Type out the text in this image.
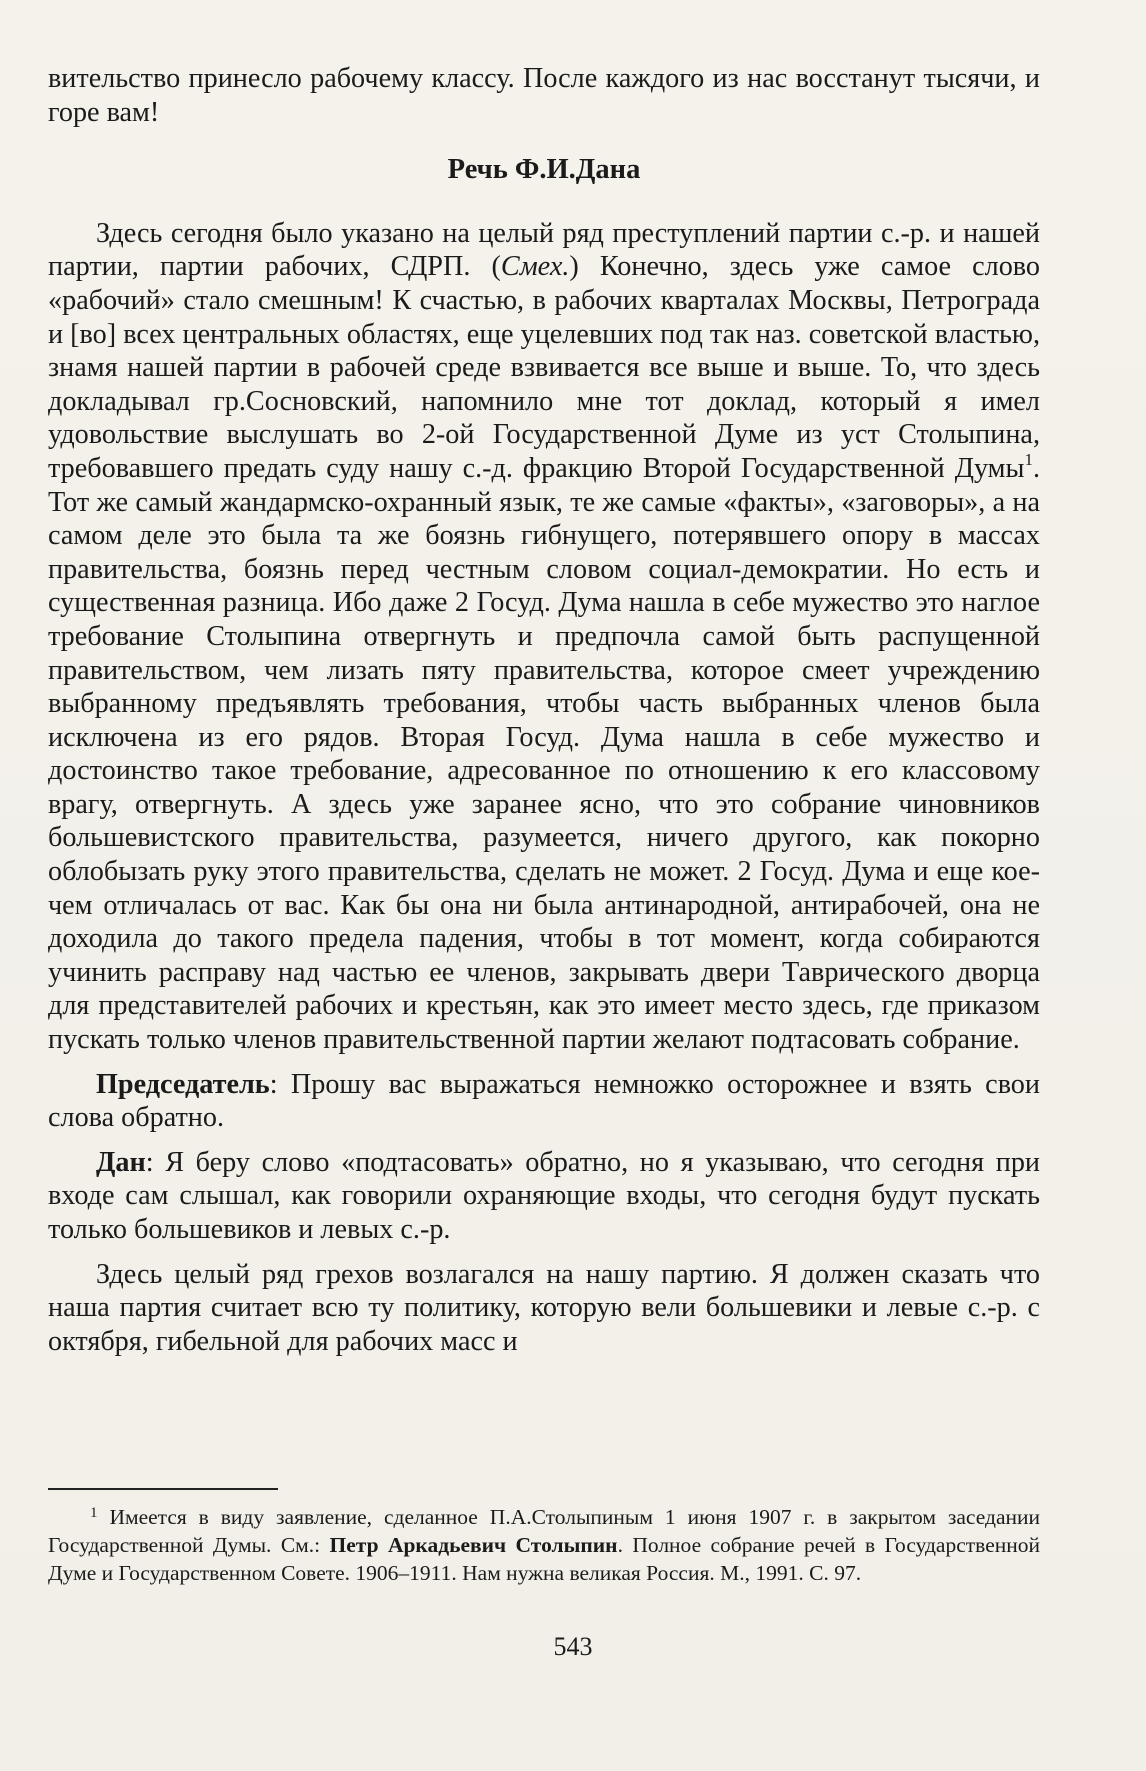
вительство принесло рабочему классу. После каждого из нас восстанут тысячи, и горе вам!

Речь Ф.И.Дана

Здесь сегодня было указано на целый ряд преступлений партии с.-р. и нашей партии, партии рабочих, СДРП. (Смех.) Конечно, здесь уже самое слово «рабочий» стало смешным! К счастью, в рабочих кварталах Москвы, Петрограда и [во] всех центральных областях, еще уцелевших под так наз. советской властью, знамя нашей партии в рабочей среде взвивается все выше и выше. То, что здесь докладывал гр.Сосновский, напомнило мне тот доклад, который я имел удовольствие выслушать во 2-ой Государственной Думе из уст Столыпина, требовавшего предать суду нашу с.-д. фракцию Второй Государственной Думы$^1$. Тот же самый жандармско-охранный язык, те же самые «факты», «заговоры», а на самом деле это была та же боязнь гибнущего, потерявшего опору в массах правительства, боязнь перед честным словом социал-демократии. Но есть и существенная разница. Ибо даже 2 Госуд. Дума нашла в себе мужество это наглое требование Столыпина отвергнуть и предпочла самой быть распущенной правительством, чем лизать пяту правительства, которое смеет учреждению выбранному предъявлять требования, чтобы часть выбранных членов была исключена из его рядов. Вторая Госуд. Дума нашла в себе мужество и достоинство такое требование, адресованное по отношению к его классовому врагу, отвергнуть. А здесь уже заранее ясно, что это собрание чиновников большевистского правительства, разумеется, ничего другого, как покорно облобызать руку этого правительства, сделать не может. 2 Госуд. Дума и еще кое-чем отличалась от вас. Как бы она ни была антинародной, антирабочей, она не доходила до такого предела падения, чтобы в тот момент, когда собираются учинить расправу над частью ее членов, закрывать двери Таврического дворца для представителей рабочих и крестьян, как это имеет место здесь, где приказом пускать только членов правительственной партии желают подтасовать собрание.

Председатель: Прошу вас выражаться немножко осторожнее и взять свои слова обратно.

Дан: Я беру слово «подтасовать» обратно, но я указываю, что сегодня при входе сам слышал, как говорили охраняющие входы, что сегодня будут пускать только большевиков и левых с.-р.

Здесь целый ряд грехов возлагался на нашу партию. Я должен сказать что наша партия считает всю ту политику, которую вели большевики и левые с.-р. с октября, гибельной для рабочих масс и

$^1$ Имеется в виду заявление, сделанное П.А.Столыпиным 1 июня 1907 г. в закрытом заседании Государственной Думы. См.: Петр Аркадьевич Столыпин. Полное собрание речей в Государственной Думе и Государственном Совете. 1906–1911. Нам нужна великая Россия. М., 1991. С. 97.

543
